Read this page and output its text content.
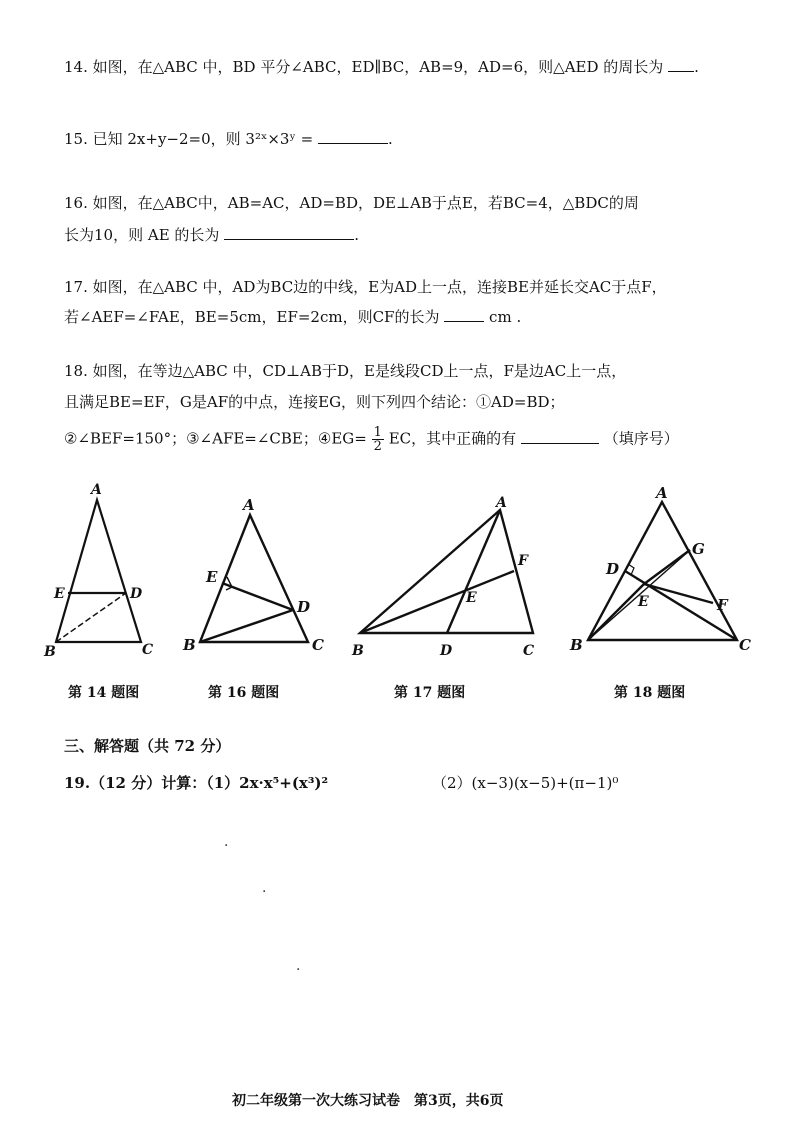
14. 如图，在△ABC 中，BD 平分∠ABC，ED∥BC，AB=9，AD=6，则△AED 的周长为 .
15. 已知 2x+y−2=0，则 3²ˣ×3ʸ =	.
16. 如图，在△ABC中，AB=AC，AD=BD，DE⊥AB于点E，若BC=4，△BDC的周
长为10，则 AE 的长为	.
17. 如图，在△ABC 中，AD为BC边的中线，E为AD上一点，连接BE并延长交AC于点F，
若∠AEF=∠FAE，BE=5cm，EF=2cm，则CF的长为	cm .
18. 如图，在等边△ABC 中，CD⊥AB于D，E是线段CD上一点，F是边AC上一点，
且满足BE=EF，G是AF的中点，连接EG，则下列四个结论：①AD=BD；
②∠BEF=150°；③∠AFE=∠CBE；④EG= $\frac{1}{2}$ EC，其中正确的有	（填序号）
A
E	D
B	C
A
E
D
B	C
A
F
E
B	D	C
A
D
G
E	F
B	C
第 14 题图	第 16 题图	第 17 题图	第 18 题图
三、解答题（共 72 分）
19.（12 分）计算：（1）2x·x⁵+(x³)²	（2）(x−3)(x−5)+(π−1)⁰
·
·
·
初二年级第一次大练习试卷　第3页，共6页
